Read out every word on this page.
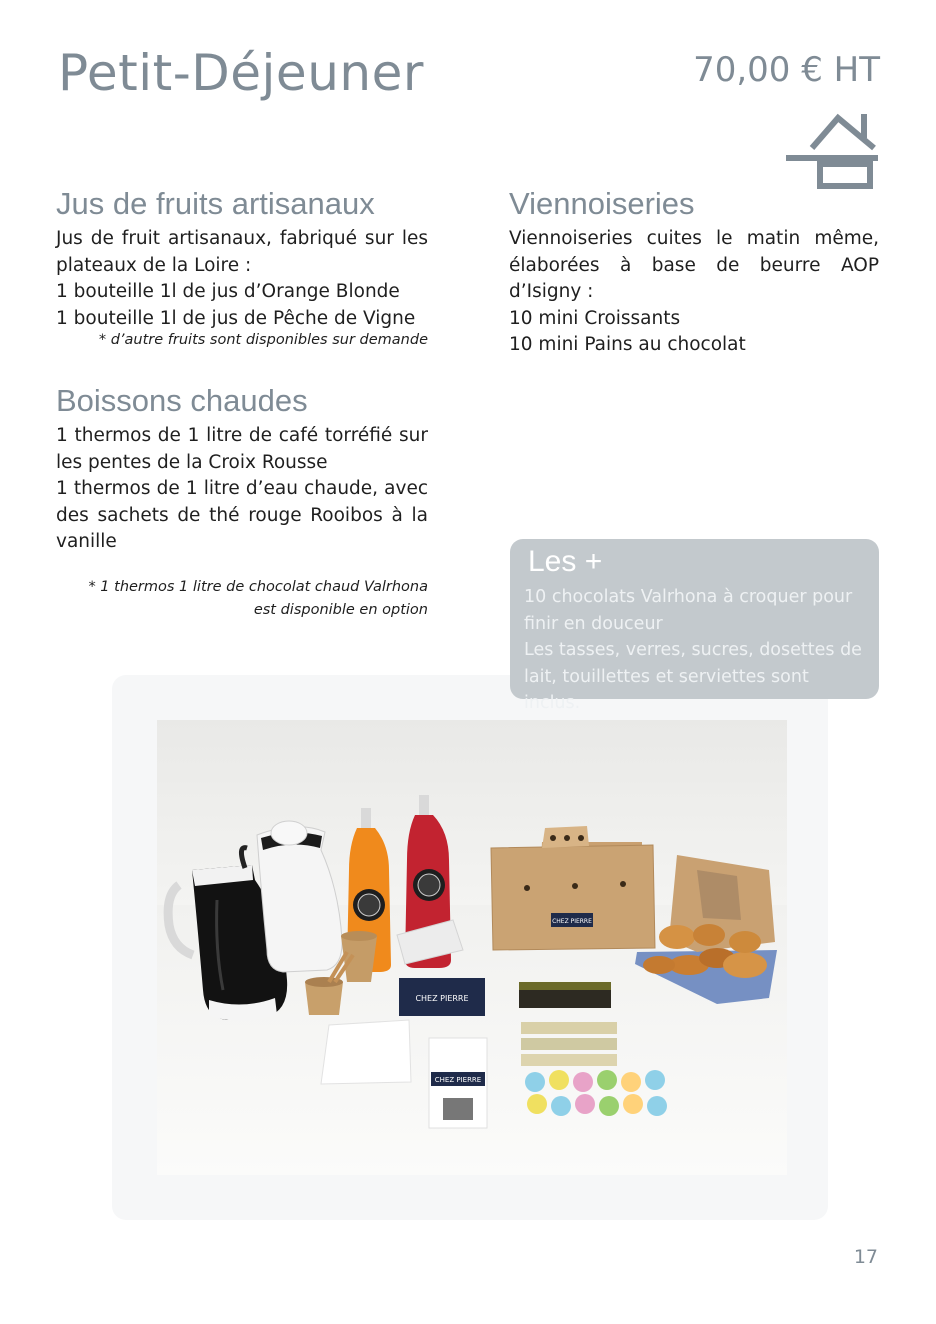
Petit-Déjeuner	70,00 € HT
Jus de fruits artisanaux

Jus de fruit artisanaux, fabriqué sur les plateaux de la Loire :

1 bouteille 1l de jus d’Orange Blonde

1 bouteille 1l de jus de Pêche de Vigne

* d’autre fruits sont disponibles sur demande
Viennoiseries

Viennoiseries cuites le matin même, élaborées à base de beurre AOP d’Isigny :

10 mini Croissants

10 mini Pains au chocolat

Boissons chaudes

1 thermos de 1 litre de café torréfié sur les pentes de la Croix Rousse

1 thermos de 1 litre d’eau chaude, avec des sachets de thé rouge Rooibos à la vanille

* 1 thermos 1 litre de chocolat chaud Valrhona est disponible en option
CHEZ PIERRE
CHEZ PIERRE
CHEZ PIERRE
Les +

10 chocolats Valrhona à croquer pour finir en douceur

Les tasses, verres, sucres, dosettes de lait, touillettes et serviettes sont inclus.

17
